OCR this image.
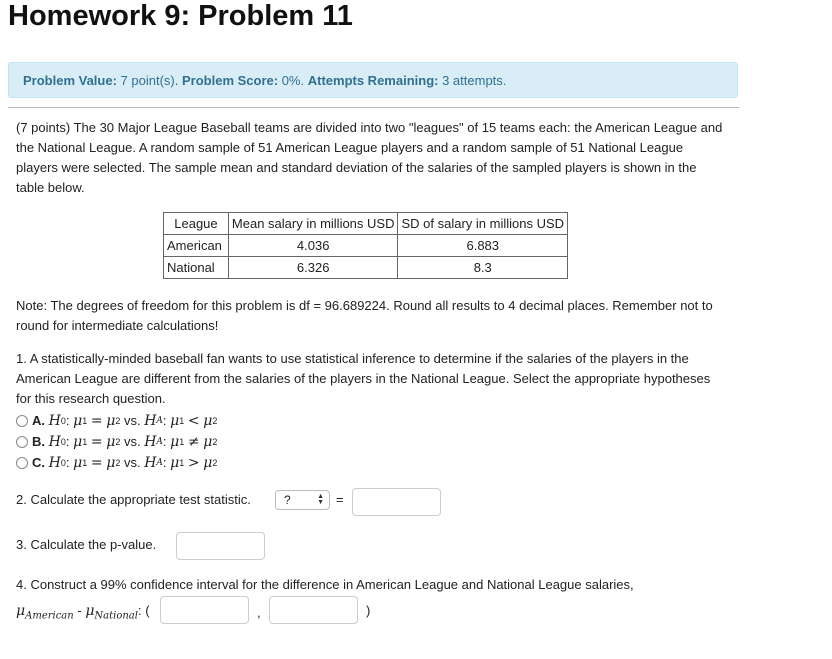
Homework 9: Problem 11
Problem Value: 7 point(s). Problem Score: 0%. Attempts Remaining: 3 attempts.

(7 points) The 30 Major League Baseball teams are divided into two "leagues" of 15 teams each: the American League and the National League. A random sample of 51 American League players and a random sample of 51 National League players were selected. The sample mean and standard deviation of the salaries of the sampled players is shown in the table below.

League	Mean salary in millions USD	SD of salary in millions USD
American	4.036	6.883
National	6.326	8.3

Note: The degrees of freedom for this problem is df = 96.689224. Round all results to 4 decimal places. Remember not to round for intermediate calculations!

1. A statistically-minded baseball fan wants to use statistical inference to determine if the salaries of the players in the American League are different from the salaries of the players in the National League. Select the appropriate hypotheses for this research question.

A.
H 0 : μ 1
=
μ 2
vs.
H A : μ 1
<
μ 2
B.
H 0 : μ 1
=
μ 2
vs.
H A : μ 1
≠
μ 2
C.
H 0 : μ 1
=
μ 2
vs.
H A : μ 1
>
μ 2
2. Calculate the appropriate test statistic.	?	▲
▼ =
3. Calculate the p-value.
4. Construct a 99% confidence interval for the difference in American League and National League salaries,
$\mu_{American} - \mu_{National}$: (	,	)
